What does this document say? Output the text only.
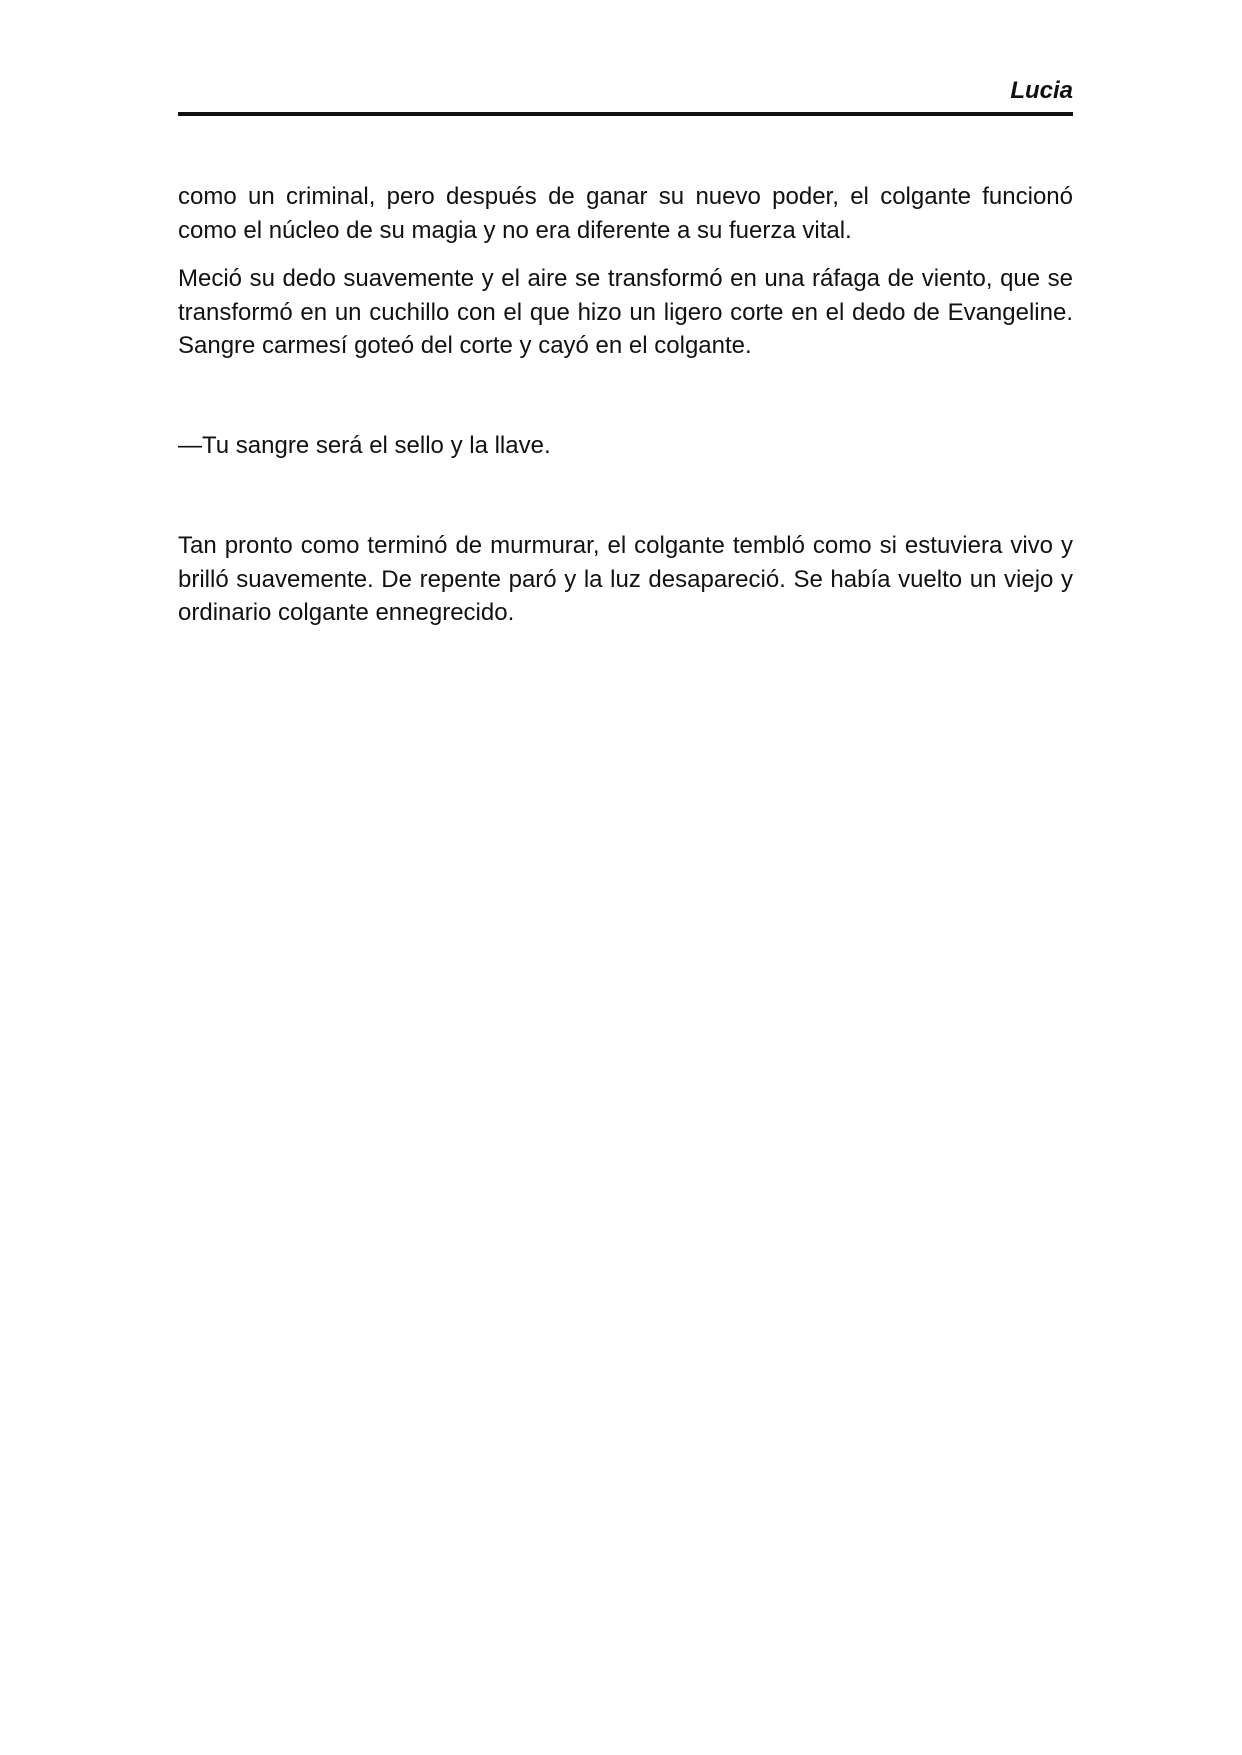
Lucia

como un criminal, pero después de ganar su nuevo poder, el colgante funcionó como el núcleo de su magia y no era diferente a su fuerza vital.

Meció su dedo suavemente y el aire se transformó en una ráfaga de viento, que se transformó en un cuchillo con el que hizo un ligero corte en el dedo de Evangeline. Sangre carmesí goteó del corte y cayó en el colgante.

—Tu sangre será el sello y la llave.

Tan pronto como terminó de murmurar, el colgante tembló como si estuviera vivo y brilló suavemente. De repente paró y la luz desapareció. Se había vuelto un viejo y ordinario colgante ennegrecido.
